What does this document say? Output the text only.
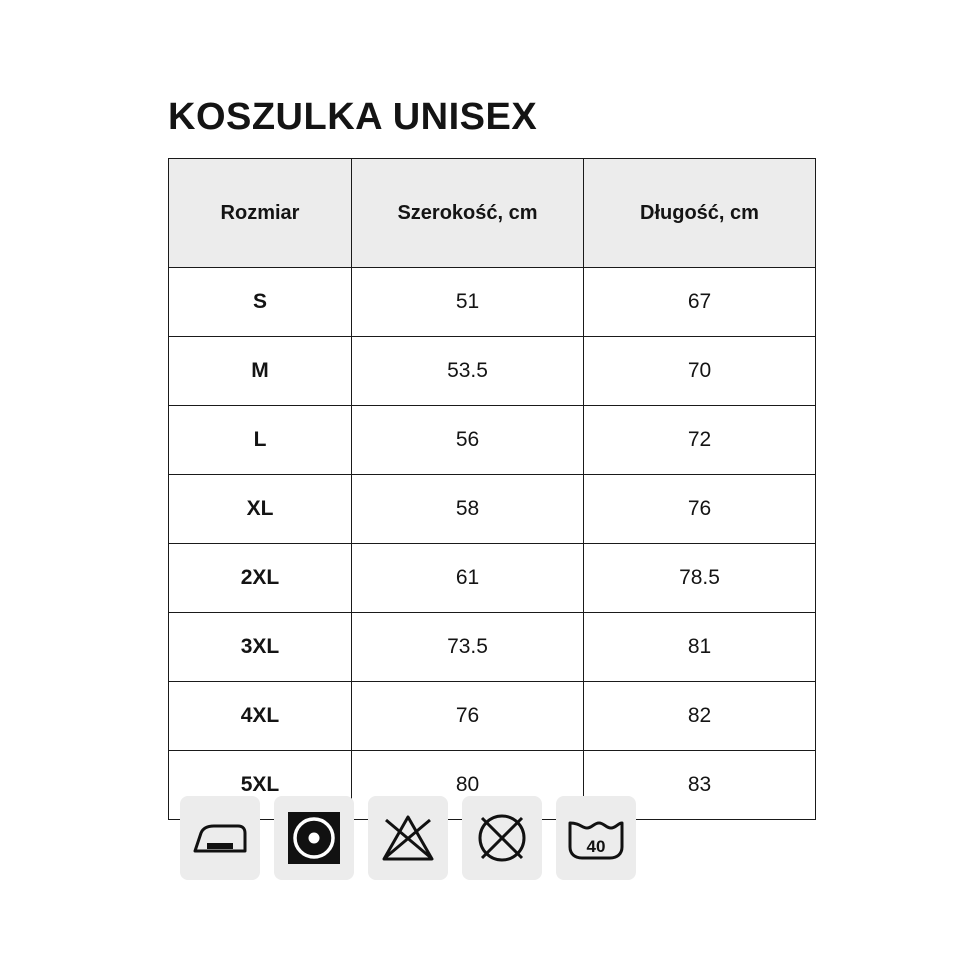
KOSZULKA UNISEX
Rozmiar	Szerokość, cm	Długość, cm
S	51	67
M	53.5	70
L	56	72
XL	58	76
2XL	61	78.5
3XL	73.5	81
4XL	76	82
5XL	80	83
40
